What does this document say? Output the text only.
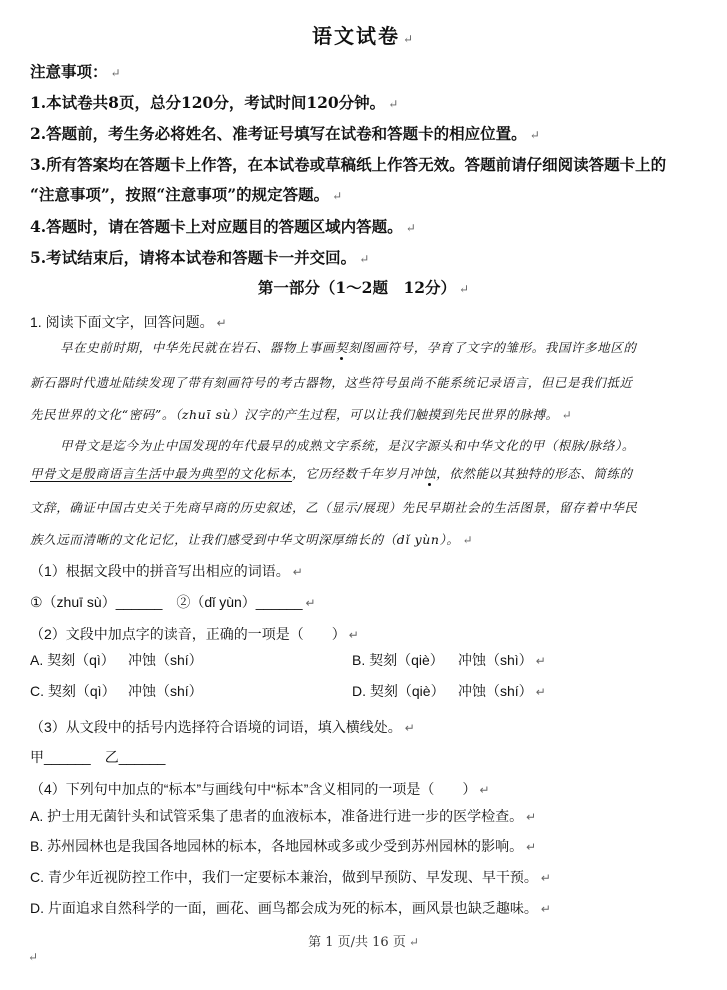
语文试卷 ↵
注意事项： ↵
1.本试卷共8页，总分120分，考试时间120分钟。 ↵
2.答题前，考生务必将姓名、准考证号填写在试卷和答题卡的相应位置。 ↵
3.所有答案均在答题卡上作答，在本试卷或草稿纸上作答无效。答题前请仔细阅读答题卡上的
“注意事项”，按照“注意事项”的规定答题。 ↵
4.答题时，请在答题卡上对应题目的答题区域内答题。 ↵
5.考试结束后，请将本试卷和答题卡一并交回。 ↵
第一部分（1～2题　12分） ↵
1. 阅读下面文字，回答问题。 ↵
早在史前时期，中华先民就在岩石、器物上事画契刻图画符号，孕育了文字的雏形。我国许多地区的
新石器时代遗址陆续发现了带有刻画符号的考古器物，这些符号虽尚不能系统记录语言，但已是我们抵近
先民世界的文化“密码”。（zhuī sù）汉字的产生过程，可以让我们触摸到先民世界的脉搏。 ↵
甲骨文是迄今为止中国发现的年代最早的成熟文字系统，是汉字源头和中华文化的甲（根脉/脉络）。
甲骨文是殷商语言生活中最为典型的文化标本，它历经数千年岁月冲蚀，依然能以其独特的形态、简练的
文辞，确证中国古史关于先商早商的历史叙述，乙（显示/展现）先民早期社会的生活图景，留存着中华民
族久远而清晰的文化记忆，让我们感受到中华文明深厚绵长的（dǐ yùn）。 ↵
（1）根据文段中的拼音写出相应的词语。 ↵
①（zhuī sù）______　②（dǐ yùn）______ ↵
（2）文段中加点字的读音，正确的一项是（　　） ↵
A. 契刻（qì） 冲蚀（shí）	B. 契刻（qiè） 冲蚀（shì） ↵
C. 契刻（qì） 冲蚀（shí）	D. 契刻（qiè） 冲蚀（shí） ↵
（3）从文段中的括号内选择符合语境的词语，填入横线处。 ↵
甲______　乙______
（4）下列句中加点的“标本”与画线句中“标本”含义相同的一项是（　　） ↵
A. 护士用无菌针头和试管采集了患者的血液标本，准备进行进一步的医学检查。 ↵
B. 苏州园林也是我国各地园林的标本，各地园林或多或少受到苏州园林的影响。 ↵
C. 青少年近视防控工作中，我们一定要标本兼治，做到早预防、早发现、早干预。 ↵
D. 片面追求自然科学的一面，画花、画鸟都会成为死的标本，画风景也缺乏趣味。 ↵
第 1 页/共 16 页 ↵
↵
